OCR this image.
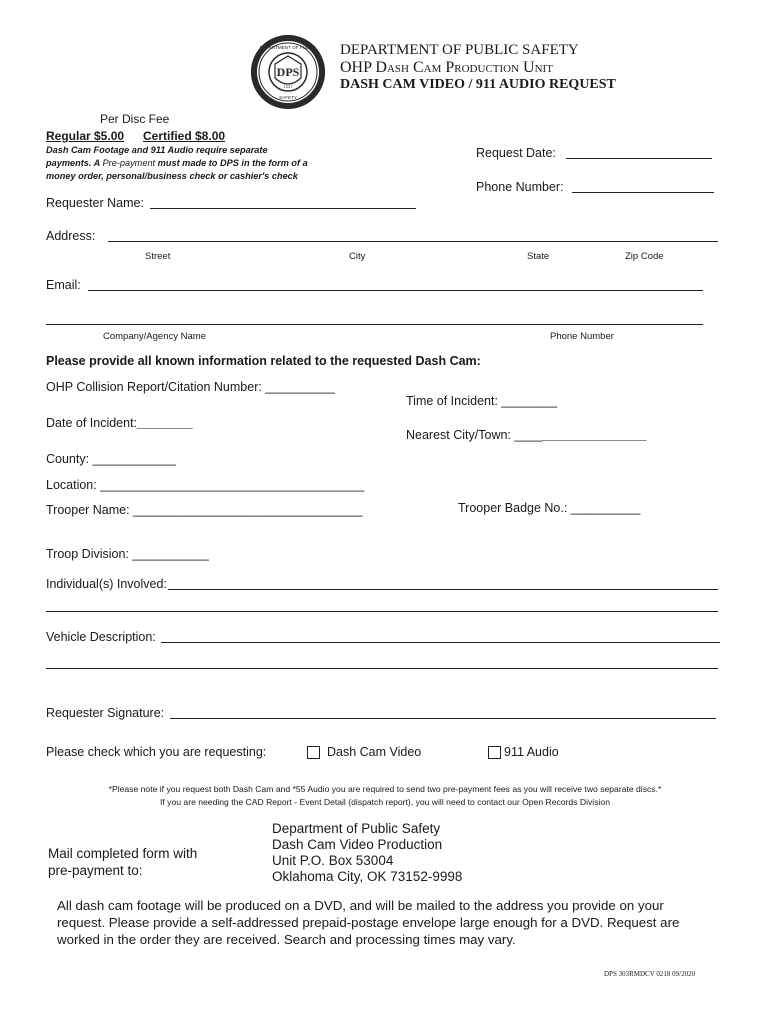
DPS
DEPARTMENT OF PUBLIC
SAFETY
1937
DEPARTMENT OF PUBLIC SAFETY
OHP Dash Cam Production Unit
DASH CAM VIDEO / 911 AUDIO REQUEST
Per Disc Fee
Regular $5.00 Certified $8.00
Dash Cam Footage and 911 Audio require separate
payments. A Pre-payment must made to DPS in the form of a
money order, personal/business check or cashier's check
Request Date:
Phone Number:
Requester Name:
Address:
Street	City	State	Zip Code
Email:
Company/Agency Name	Phone Number
Please provide all known information related to the requested Dash Cam:
OHP Collision Report/Citation Number: __________
Time of Incident: ________
Date of Incident:________
Nearest City/Town: ___________________
County: ____________
Location: ______________________________________
Trooper Name: _________________________________	Trooper Badge No.: __________
Troop Division: ___________
Individual(s) Involved:
Vehicle Description:
Requester Signature:
Please check which you are requesting:	Dash Cam Video	911 Audio
*Please note if you request both Dash Cam and *55 Audio you are required to send two pre-payment fees as you will receive two separate discs.*
If you are needing the CAD Report - Event Detail (dispatch report), you will need to contact our Open Records Division
Mail completed form with
pre-payment to:
Department of Public Safety
Dash Cam Video Production
Unit P.O. Box 53004
Oklahoma City, OK 73152-9998
All dash cam footage will be produced on a DVD, and will be mailed to the address you provide on your
request. Please provide a self-addressed prepaid-postage envelope large enough for a DVD. Request are
worked in the order they are received. Search and processing times may vary.
DPS 303RMDCV 0218 09/2020
